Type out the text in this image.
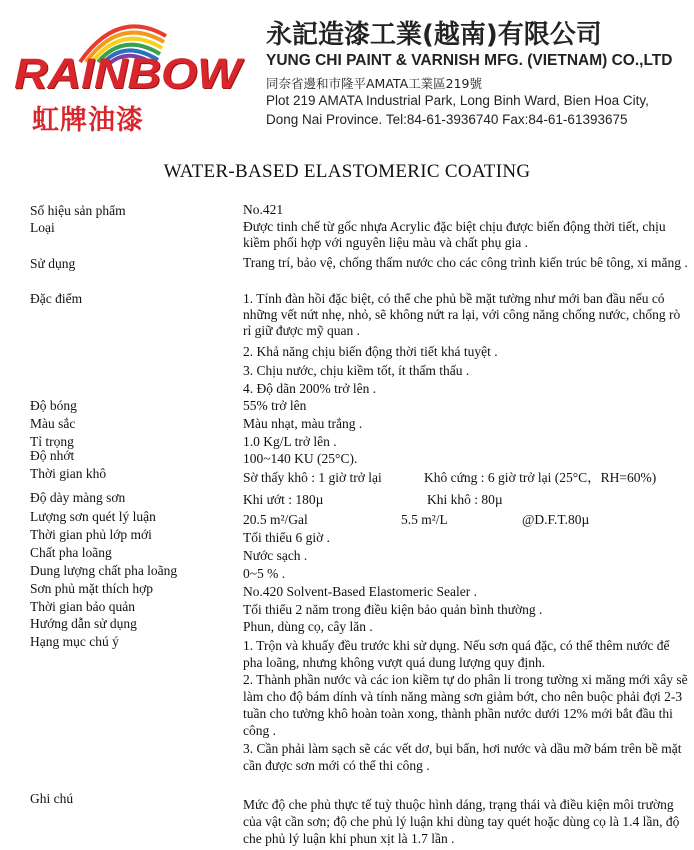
RAINBOW
虹牌油漆
永記造漆工業(越南)有限公司
YUNG CHI PAINT & VARNISH MFG. (VIETNAM) CO.,LTD
同奈省邊和市隆平AMATA工業區219號
Plot 219 AMATA Industrial Park, Long Binh Ward, Bien Hoa City,
Dong Nai Province. Tel:84-61-3936740 Fax:84-61-61393675
WATER-BASED ELASTOMERIC COATING
Số hiệu sản phẩm	No.421
Loại	Được tinh chế từ gốc nhựa Acrylic đặc biệt chịu được biến động thời tiết, chịu kiềm phối hợp với nguyên liệu màu và chất phụ gia .
Sử dụng	Trang trí, bảo vệ, chống thấm nước cho các công trình kiến trúc bê tông, xi măng .
Đặc điểm	1. Tính đàn hồi đặc biệt, có thể che phủ bề mặt tường như mới ban đầu nếu có những vết nứt nhẹ, nhỏ, sẽ không nứt ra lại, với công năng chống nước, chống rò rỉ giữ được mỹ quan .
2. Khả năng chịu biến động thời tiết khá tuyệt .
3. Chịu nước, chịu kiềm tốt, ít thấm thấu .
4. Độ dãn 200% trở lên .
Độ bóng	55% trở lên
Màu sắc	Màu nhạt, màu trắng .
Tỉ trọng	1.0 Kg/L trở lên .
Độ nhớt	100~140 KU (25°C).
Thời gian khô	Sờ thấy khô : 1 giờ trở lại	Khô cứng : 6 giờ trở lại (25°C，RH=60%)
Độ dày màng sơn	Khi ướt : 180µ	Khi khô : 80µ
Lượng sơn quét lý luận	20.5 m²/Gal	5.5 m²/L	@D.F.T.80µ
Thời gian phủ lớp mới	Tối thiểu 6 giờ .
Chất pha loãng	Nước sạch .
Dung lượng chất pha loãng	0~5 % .
Sơn phủ mặt thích hợp	No.420 Solvent-Based Elastomeric Sealer .
Thời gian bảo quản	Tối thiểu 2 năm trong điều kiện bảo quản bình thường .
Hướng dẫn sử dụng	Phun, dùng cọ, cây lăn .
Hạng mục chú ý	1. Trộn và khuấy đều trước khi sử dụng. Nếu sơn quá đặc, có thể thêm nước để pha loãng, nhưng không vượt quá dung lượng quy định.
2. Thành phần nước và các ion kiềm tự do phân li trong tường xi măng mới xây sẽ làm cho độ bám dính và tính năng màng sơn giảm bớt, cho nên buộc phải đợi 2-3 tuần cho tường khô hoàn toàn xong, thành phần nước dưới 12% mới bắt đầu thi công .
3. Cần phải làm sạch sẽ các vết dơ, bụi bẩn, hơi nước và dầu mỡ bám trên bề mặt cần được sơn mới có thể thi công .
Ghi chú	Mức độ che phủ thực tế tuỳ thuộc hình dáng, trạng thái và điều kiện môi trường của vật cần sơn; độ che phủ lý luận khi dùng tay quét hoặc dùng cọ là 1.4 lần, độ che phủ lý luận khi phun xịt là 1.7 lần .
